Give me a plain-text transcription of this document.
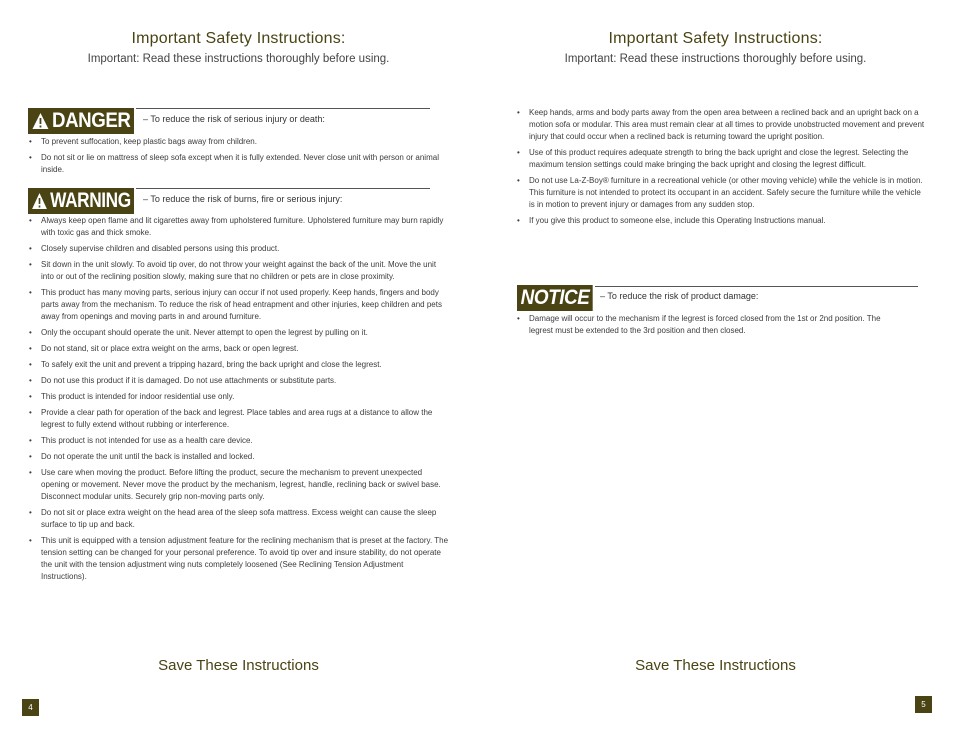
Important Safety Instructions:
Important: Read these instructions thoroughly before using.
DANGER – To reduce the risk of serious injury or death:
• To prevent suffocation, keep plastic bags away from children.
• Do not sit or lie on mattress of sleep sofa except when it is fully extended. Never close unit with person or animal inside.
WARNING – To reduce the risk of burns, fire or serious injury:
• Always keep open flame and lit cigarettes away from upholstered furniture. Upholstered furniture may burn rapidly with toxic gas and thick smoke.
• Closely supervise children and disabled persons using this product.
• Sit down in the unit slowly. To avoid tip over, do not throw your weight against the back of the unit. Move the unit into or out of the reclining position slowly, making sure that no children or pets are in close proximity.
• This product has many moving parts, serious injury can occur if not used properly. Keep hands, fingers and body parts away from the mechanism. To reduce the risk of head entrapment and other injuries, keep children and pets away from openings and moving parts in and around furniture.
• Only the occupant should operate the unit. Never attempt to open the legrest by pulling on it.
• Do not stand, sit or place extra weight on the arms, back or open legrest.
• To safely exit the unit and prevent a tripping hazard, bring the back upright and close the legrest.
• Do not use this product if it is damaged. Do not use attachments or substitute parts.
• This product is intended for indoor residential use only.
• Provide a clear path for operation of the back and legrest. Place tables and area rugs at a distance to allow the legrest to fully extend without rubbing or interference.
• This product is not intended for use as a health care device.
• Do not operate the unit until the back is installed and locked.
• Use care when moving the product. Before lifting the product, secure the mechanism to prevent unexpected opening or movement. Never move the product by the mechanism, legrest, handle, reclining back or swivel base. Disconnect modular units. Securely grip non-moving parts only.
• Do not sit or place extra weight on the head area of the sleep sofa mattress. Excess weight can cause the sleep surface to tip up and back.
• This unit is equipped with a tension adjustment feature for the reclining mechanism that is preset at the factory. The tension setting can be changed for your personal preference. To avoid tip over and insure stability, do not operate the unit with the tension adjustment wing nuts completely loosened (See Reclining Tension Adjustment Instructions).
Save These Instructions
4
Important Safety Instructions:
Important: Read these instructions thoroughly before using.
• Keep hands, arms and body parts away from the open area between a reclined back and an upright back on a motion sofa or modular. This area must remain clear at all times to provide unobstructed movement and prevent injury that could occur when a reclined back is returning toward the upright position.
• Use of this product requires adequate strength to bring the back upright and close the legrest. Selecting the maximum tension settings could make bringing the back upright and closing the legrest difficult.
• Do not use La-Z-Boy® furniture in a recreational vehicle (or other moving vehicle) while the vehicle is in motion. This furniture is not intended to protect its occupant in an accident. Safely secure the furniture while the vehicle is in motion to prevent injury or damages from any sudden stop.
• If you give this product to someone else, include this Operating Instructions manual.
NOTICE – To reduce the risk of product damage:
• Damage will occur to the mechanism if the legrest is forced closed from the 1st or 2nd position. The legrest must be extended to the 3rd position and then closed.
Save These Instructions
5
